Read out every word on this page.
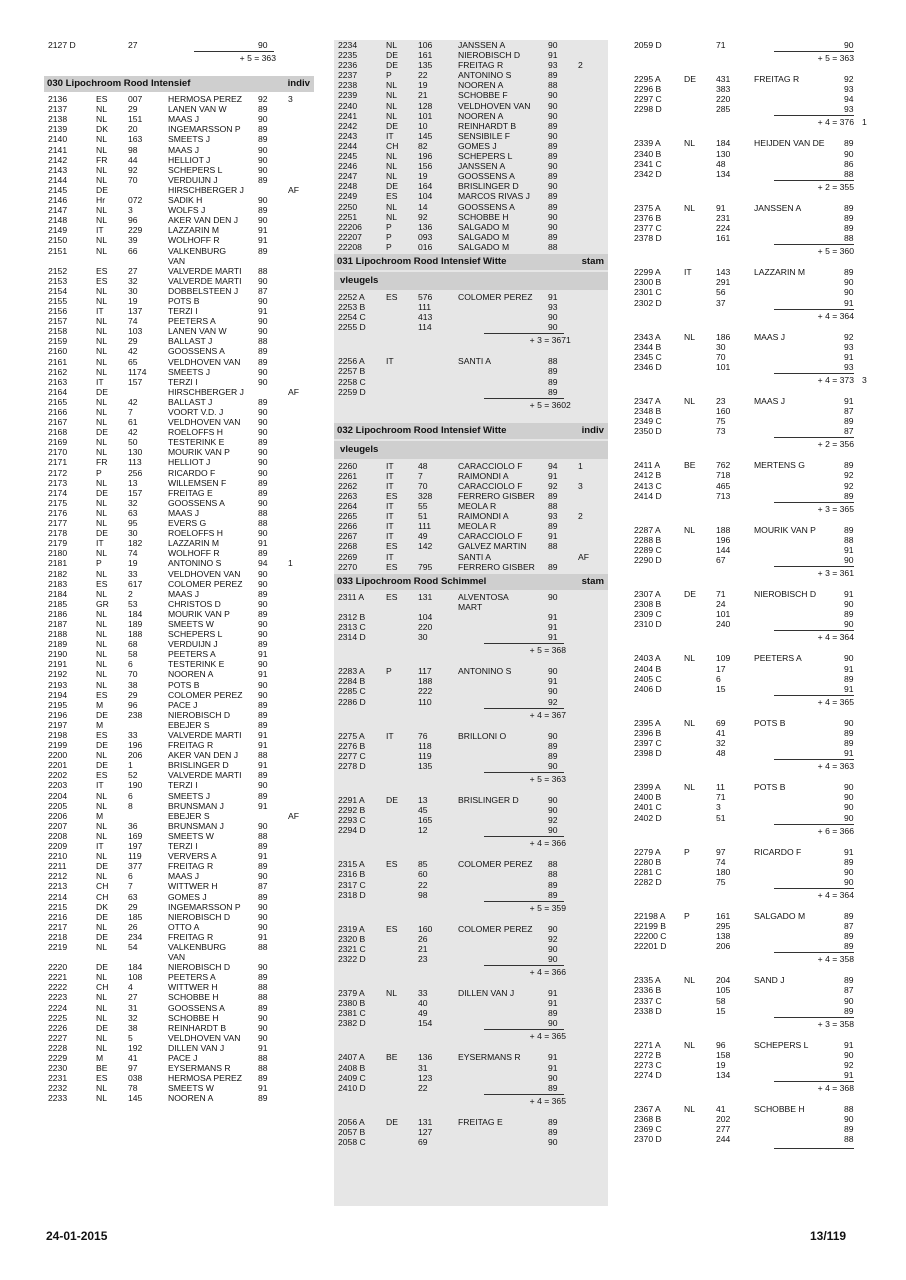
2127 D	27	90
+ 5 = 363
030 Lipochroom Rood Intensief	indiv
2136	ES 007	HERMOSA PEREZ	92 3
2137	NL 29	LANEN VAN W	89
2138	NL 151	MAAS J	90
2139	DK 20	INGEMARSSON P	89
2140	NL 163	SMEETS J	89
2141	NL 98	MAAS J	90
2142	FR 44	HELLIOT J	90
2143	NL 92	SCHEPERS L	90
2144	NL 70	VERDUIJN J	89
2145	DE	HIRSCHBERGER J	AF
2146	Hr	072	SADIK H	90
2147	NL 3	WOLFS J	89
2148	NL 96	AKER VAN DEN J	90
2149	IT	229	LAZZARIN M	91
2150	NL 39	WOLHOFF R	91
2151	NL 66	VALKENBURG	89
VAN
2152	ES 27	VALVERDE MARTI	88
2153	ES 32	VALVERDE MARTI	90
2154	NL 30	DOBBELSTEEN J	87
2155	NL 19	POTS B	90
2156	IT	137	TERZI I	91
2157	NL 74	PEETERS A	90
2158	NL 103	LANEN VAN W	90
2159	NL 29	BALLAST J	88
2160	NL 42	GOOSSENS A	89
2161	NL 65	VELDHOVEN VAN	89
2162	NL 1174	SMEETS J	90
2163	IT	157	TERZI I	90
2164	DE	HIRSCHBERGER J	AF
2165	NL 42	BALLAST J	89
2166	NL 7	VOORT V.D. J	90
2167	NL 61	VELDHOVEN VAN	90
2168	DE 42	ROELOFFS H	90
2169	NL 50	TESTERINK E	89
2170	NL 130	MOURIK VAN P	90
2171	FR 113	HELLIOT J	90
2172	P	256	RICARDO F	90
2173	NL 13	WILLEMSEN F	89
2174	DE 157	FREITAG E	89
2175	NL 32	GOOSSENS A	90
2176	NL 63	MAAS J	88
2177	NL 95	EVERS G	88
2178	DE 30	ROELOFFS H	90
2179	IT	182	LAZZARIN M	91
2180	NL 74	WOLHOFF R	89
2181	P	19	ANTONINO S	94 1
2182	NL 33	VELDHOVEN VAN	90
2183	ES 617	COLOMER PEREZ	90
2184	NL 2	MAAS J	89
2185	GR 53	CHRISTOS D	90
2186	NL 184	MOURIK VAN P	89
2187	NL 189	SMEETS W	90
2188	NL 188	SCHEPERS L	90
2189	NL 68	VERDUIJN J	89
2190	NL 58	PEETERS A	91
2191	NL 6	TESTERINK E	90
2192	NL 70	NOOREN A	91
2193	NL 38	POTS B	90
2194	ES 29	COLOMER PEREZ	90
2195	M	96	PACE J	89
2196	DE 238	NIEROBISCH D	89
2197	M	EBEJER S	89
2198	ES 33	VALVERDE MARTI	91
2199	DE 196	FREITAG R	91
2200	NL 206	AKER VAN DEN J	88
2201	DE 1	BRISLINGER D	91
2202	ES 52	VALVERDE MARTI	89
2203	IT	190	TERZI I	90
2204	NL 6	SMEETS J	89
2205	NL 8	BRUNSMAN J	91
2206	M	EBEJER S	AF
2207	NL 36	BRUNSMAN J	90
2208	NL 169	SMEETS W	88
2209	IT	197	TERZI I	89
2210	NL 119	VERVERS A	91
2211	DE 377	FREITAG R	89
2212	NL 6	MAAS J	90
2213	CH 7	WITTWER H	87
2214	CH 63	GOMES J	89
2215	DK 29	INGEMARSSON P	90
2216	DE 185	NIEROBISCH D	90
2217	NL 26	OTTO A	90
2218	DE 234	FREITAG R	91
2219	NL 54	VALKENBURG	88
VAN
2220	DE 184	NIEROBISCH D	90
2221	NL 108	PEETERS A	89
2222	CH 4	WITTWER H	88
2223	NL 27	SCHOBBE H	88
2224	NL 31	GOOSSENS A	89
2225	NL 32	SCHOBBE H	90
2226	DE 38	REINHARDT B	90
2227	NL 5	VELDHOVEN VAN	90
2228	NL 192	DILLEN VAN J	91
2229	M	41	PACE J	88
2230	BE 97	EYSERMANS R	88
2231	ES 038	HERMOSA PEREZ	89
2232	NL 78	SMEETS W	91
2233	NL 145	NOOREN A	89
2234	NL 106	JANSSEN A	90
2235	DE 161	NIEROBISCH D	91
2236	DE 135	FREITAG R	93 2
2237	P	22	ANTONINO S	89
2238	NL 19	NOOREN A	88
2239	NL 21	SCHOBBE F	90
2240	NL 128	VELDHOVEN VAN	90
2241	NL 101	NOOREN A	90
2242	DE 10	REINHARDT B	89
2243	IT	145	SENSIBILE F	90
2244	CH 82	GOMES J	89
2245	NL 196	SCHEPERS L	89
2246	NL 156	JANSSEN A	90
2247	NL 19	GOOSSENS A	89
2248	DE 164	BRISLINGER D	90
2249	ES 104	MARCOS RIVAS J	89
2250	NL 14	GOOSSENS A	89
2251	NL 92	SCHOBBE H	90
22206	P	136	SALGADO M	90
22207	P	093	SALGADO M	89
22208	P	016	SALGADO M	88
031 Lipochroom Rood Intensief Witte	stam
vleugels
2252 A ES 576	COLOMER PEREZ	91
2253 B	111	93
2254 C	413	90
2255 D	114	90
+ 3 = 367 1
2256 A IT	SANTI A	88
2257 B	89
2258 C	89
2259 D	89
+ 5 = 360 2
032 Lipochroom Rood Intensief Witte	indiv
vleugels
2260	IT	48	CARACCIOLO F	94 1
2261	IT	7	RAIMONDI A	91
2262	IT	70	CARACCIOLO F	92 3
2263	ES 328	FERRERO GISBER	89
2264	IT	55	MEOLA R	88
2265	IT	51	RAIMONDI A	93 2
2266	IT	111	MEOLA R	89
2267	IT	49	CARACCIOLO F	91
2268	ES 142	GALVEZ MARTIN	88
2269	IT	SANTI A	AF
2270	ES 795	FERRERO GISBER	89
033 Lipochroom Rood Schimmel	stam
2311 A	ES 131	ALVENTOSA	90
MART
2312 B	104	91
2313 C	220	91
2314 D	30	91
+ 5 = 368
2283 A P	117	ANTONINO S	90
2284 B	188	91
2285 C	222	90
2286 D	110	92
+ 4 = 367
2275 A IT	76	BRILLONI O	90
2276 B	118	89
2277 C	119	89
2278 D	135	90
+ 5 = 363
2291 A DE 13	BRISLINGER D	90
2292 B	45	90
2293 C	165	92
2294 D	12	90
+ 4 = 366
2315 A ES 85	COLOMER PEREZ	88
2316 B	60	88
2317 C	22	89
2318 D	98	89
+ 5 = 359
2319 A ES 160	COLOMER PEREZ	90
2320 B	26	92
2321 C	21	90
2322 D	23	90
+ 4 = 366
2379 A NL 33	DILLEN VAN J	91
2380 B	40	91
2381 C	49	89
2382 D	154	90
+ 4 = 365
2407 A BE 136	EYSERMANS R	91
2408 B	31	91
2409 C	123	90
2410 D	22	89
+ 4 = 365
2056 A DE 131	FREITAG E	89
2057 B	127	89
2058 C	69	90
2059 D	71	90
+ 5 = 363
2295 A	DE 431	FREITAG R	92
2296 B	383	93
2297 C	220	94
2298 D	285	93
+ 4 = 376 1
2339 A	NL 184	HEIJDEN VAN DE	89
2340 B	130	90
2341 C	48	86
2342 D	134	88
+ 2 = 355
2375 A	NL 91	JANSSEN A	89
2376 B	231	89
2377 C	224	89
2378 D	161	88
+ 5 = 360
2299 A	IT	143	LAZZARIN M	89
2300 B	291	90
2301 C	56	90
2302 D	37	91
+ 4 = 364
2343 A	NL 186	MAAS J	92
2344 B	30	93
2345 C	70	91
2346 D	101	93
+ 4 = 373 3
2347 A	NL 23	MAAS J	91
2348 B	160	87
2349 C	75	89
2350 D	73	87
+ 2 = 356
2411 A	BE 762	MERTENS G	89
2412 B	718	92
2413 C	465	92
2414 D	713	89
+ 3 = 365
2287 A	NL 188	MOURIK VAN P	89
2288 B	196	88
2289 C	144	91
2290 D	67	90
+ 3 = 361
2307 A	DE 71	NIEROBISCH D	91
2308 B	24	90
2309 C	101	89
2310 D	240	90
+ 4 = 364
2403 A	NL 109	PEETERS A	90
2404 B	17	91
2405 C	6	89
2406 D	15	91
+ 4 = 365
2395 A	NL 69	POTS B	90
2396 B	41	89
2397 C	32	89
2398 D	48	91
+ 4 = 363
2399 A	NL 11	POTS B	90
2400 B	71	90
2401 C	3	90
2402 D	51	90
+ 6 = 366
2279 A	P	97	RICARDO F	91
2280 B	74	89
2281 C	180	90
2282 D	75	90
+ 4 = 364
22198 A P	161	SALGADO M	89
22199 B	295	87
22200 C	138	89
22201 D	206	89
+ 4 = 358
2335 A	NL 204	SAND J	89
2336 B	105	87
2337 C	58	90
2338 D	15	89
+ 3 = 358
2271 A	NL 96	SCHEPERS L	91
2272 B	158	90
2273 C	19	92
2274 D	134	91
+ 4 = 368
2367 A	NL 41	SCHOBBE H	88
2368 B	202	90
2369 C	277	89
2370 D	244	88
24-01-2015	13/119
